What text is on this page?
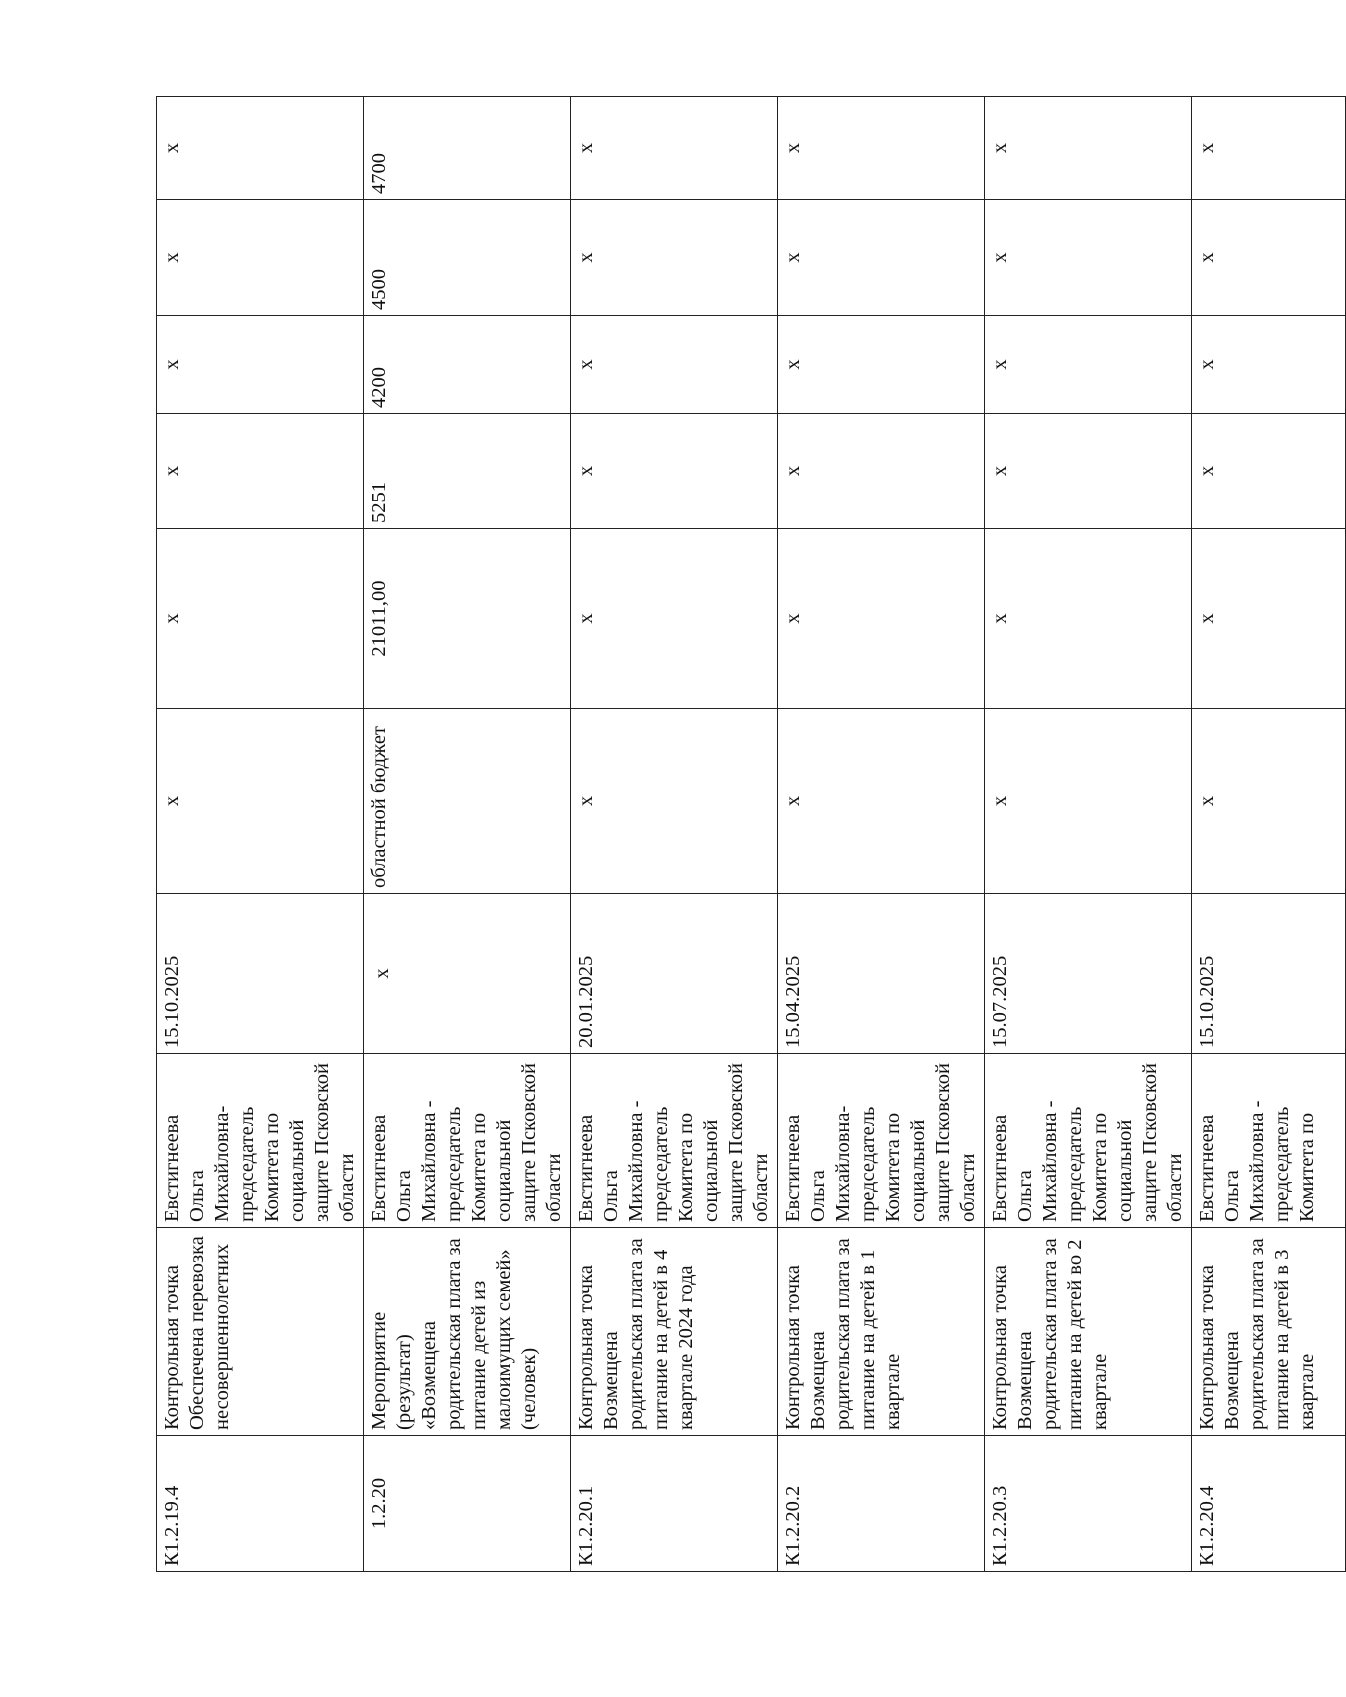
К1.2.19.4	Контрольная точка Обеспечена перевозка несовершеннолетних	Евстигнеева Ольга Михайловна- председатель Комитета по социальной защите Псковской области	15.10.2025	x	x	x	x	x	x
1.2.20	Мероприятие (результат) «Возмещена родительская плата за питание детей из малоимущих семей» (человек)	Евстигнеева Ольга Михайловна - председатель Комитета по социальной защите Псковской области	x	областной бюджет	21011,00	5251	4200	4500	4700
К1.2.20.1	Контрольная точка Возмещена родительская плата за питание на детей в 4 квартале 2024 года	Евстигнеева Ольга Михайловна - председатель Комитета по социальной защите Псковской области	20.01.2025	x	x	x	x	x	x
К1.2.20.2	Контрольная точка Возмещена родительская плата за питание на детей в 1 квартале	Евстигнеева Ольга Михайловна- председатель Комитета по социальной защите Псковской области	15.04.2025	x	x	x	x	x	x
К1.2.20.3	Контрольная точка Возмещена родительская плата за питание на детей во 2 квартале	Евстигнеева Ольга Михайловна - председатель Комитета по социальной защите Псковской области	15.07.2025	x	x	x	x	x	x
К1.2.20.4	Контрольная точка Возмещена родительская плата за питание на детей в 3 квартале	Евстигнеева Ольга Михайловна - председатель Комитета по	15.10.2025	x	x	x	x	x	x
